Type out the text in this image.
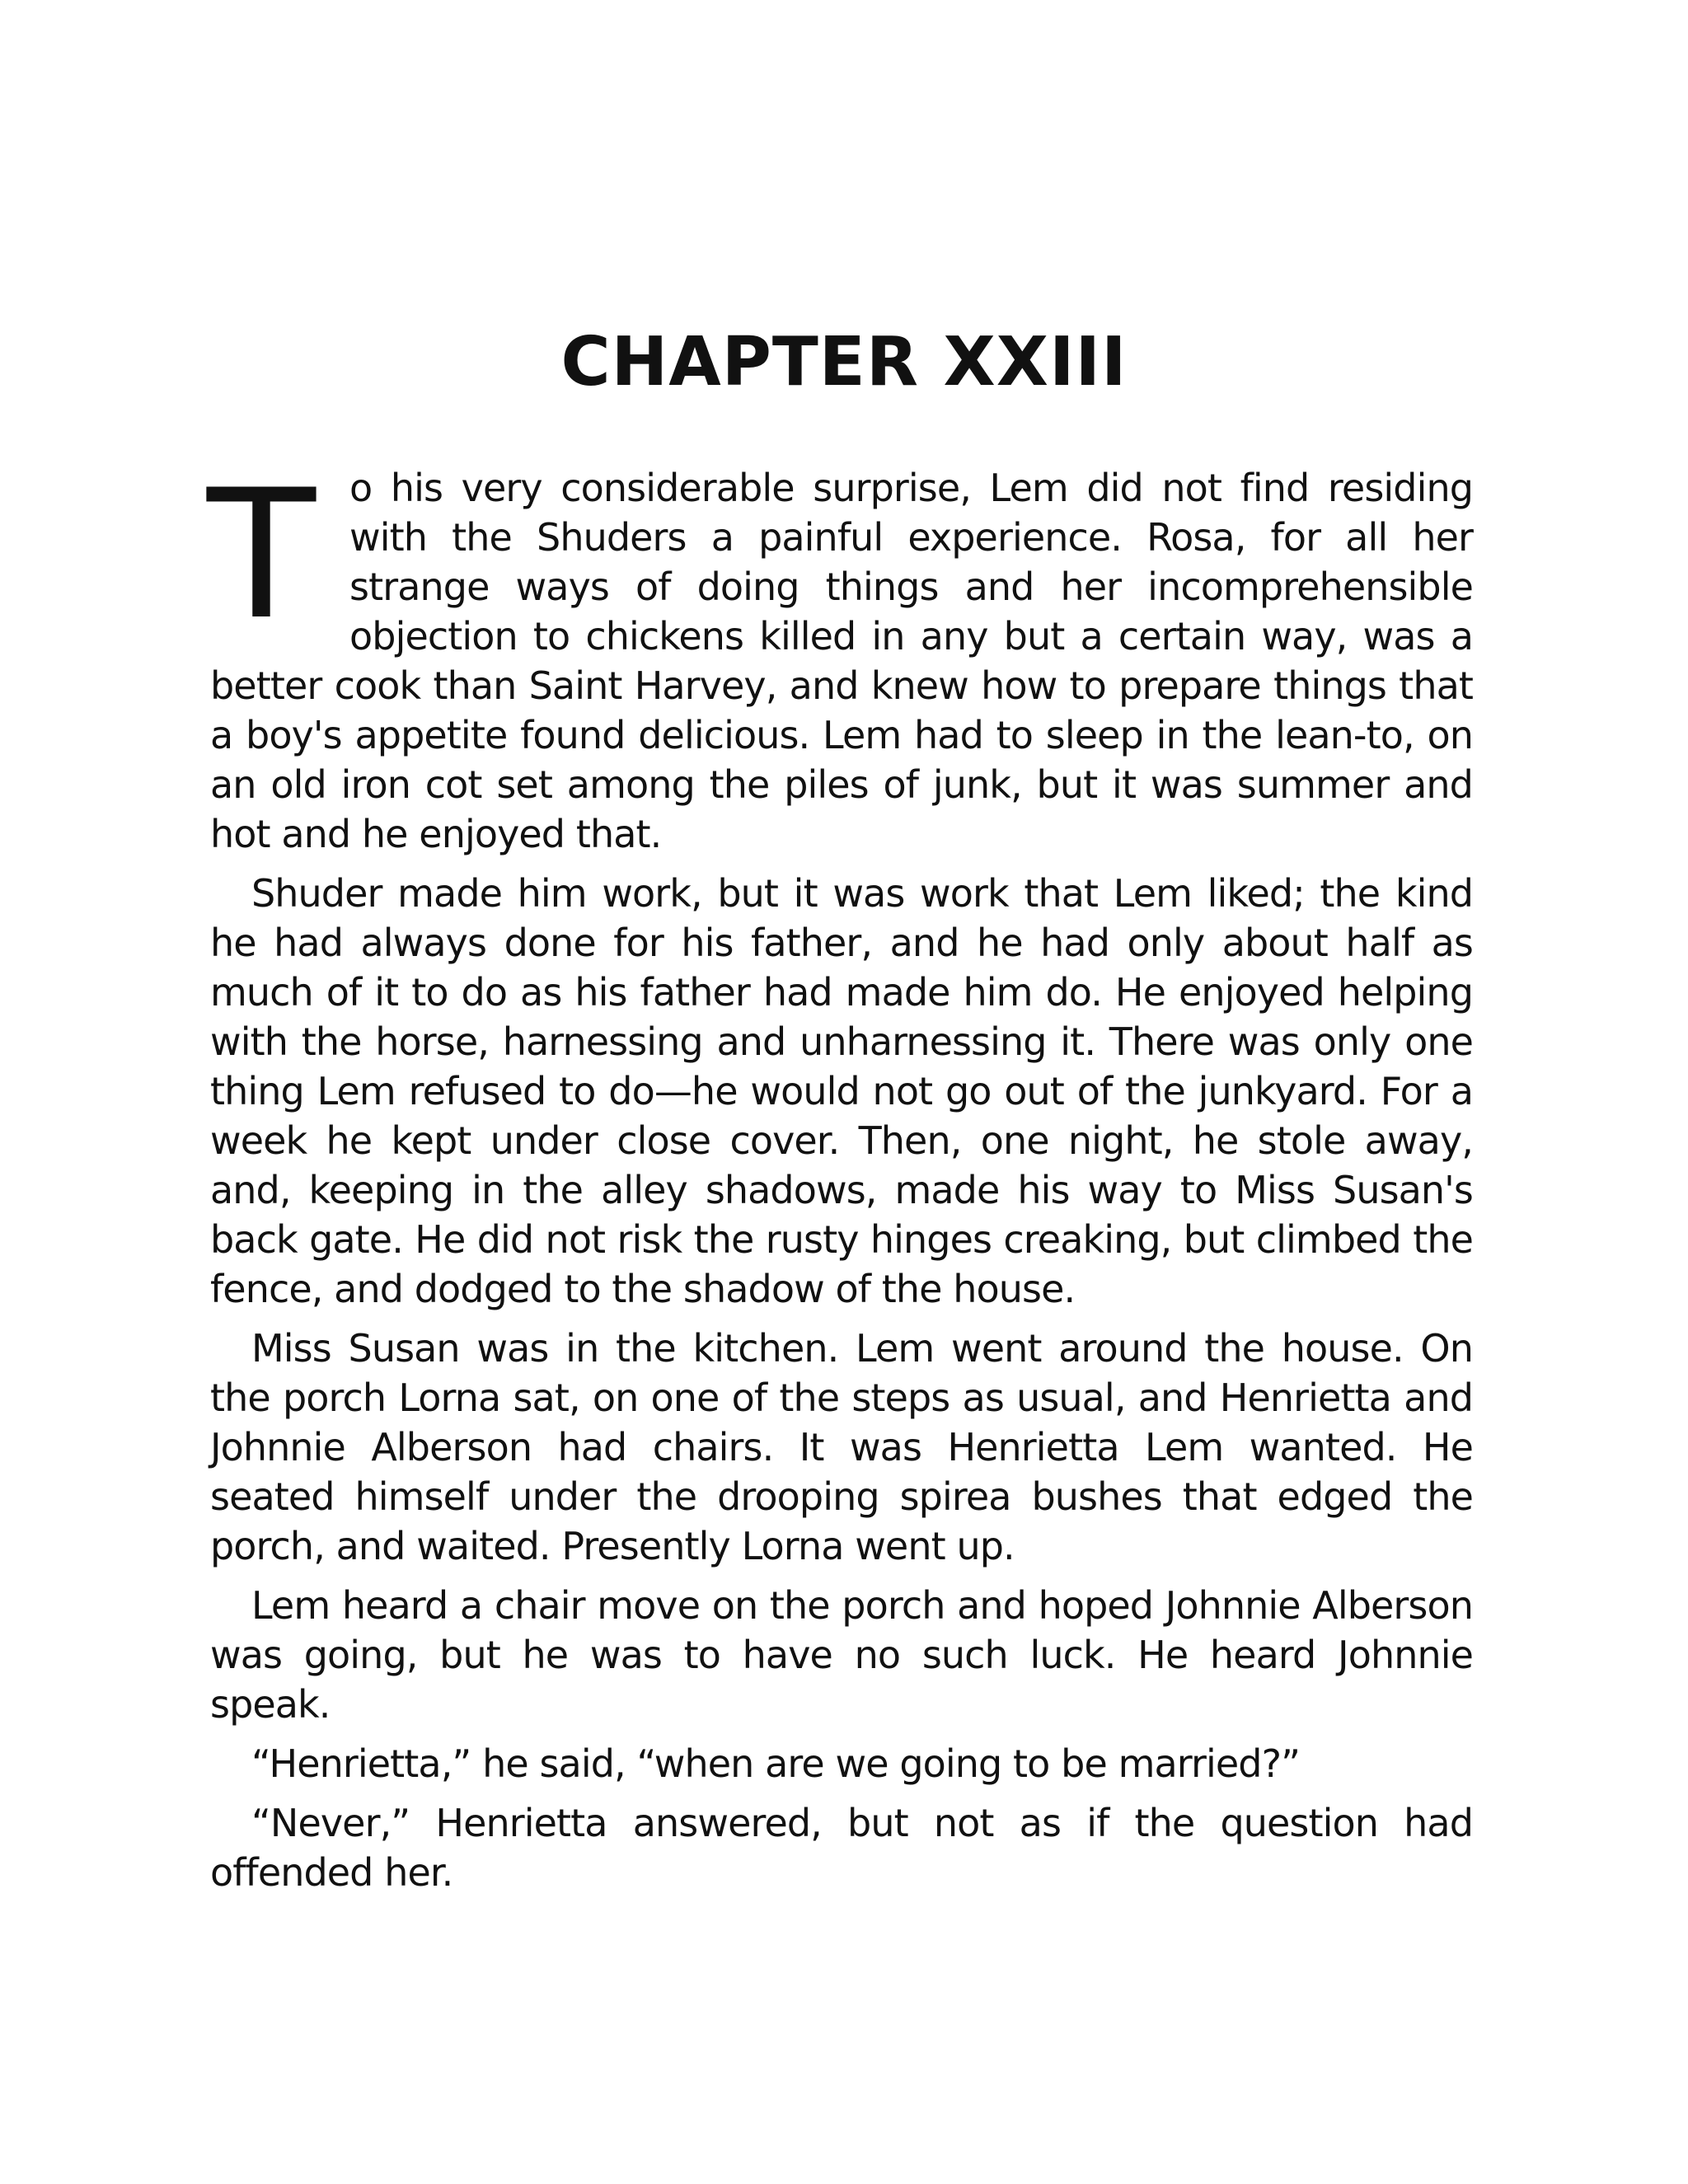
CHAPTER XXIII

To his very considerable surprise, Lem did not find residing with the Shuders a painful experience. Rosa, for all her strange ways of doing things and her incomprehensible objection to chickens killed in any but a certain way, was a better cook than Saint Harvey, and knew how to prepare things that a boy's appetite found delicious. Lem had to sleep in the lean-to, on an old iron cot set among the piles of junk, but it was summer and hot and he enjoyed that.

Shuder made him work, but it was work that Lem liked; the kind he had always done for his father, and he had only about half as much of it to do as his father had made him do. He enjoyed helping with the horse, harnessing and unharnessing it. There was only one thing Lem refused to do—he would not go out of the junkyard. For a week he kept under close cover. Then, one night, he stole away, and, keeping in the alley shadows, made his way to Miss Susan's back gate. He did not risk the rusty hinges creaking, but climbed the fence, and dodged to the shadow of the house.

Miss Susan was in the kitchen. Lem went around the house. On the porch Lorna sat, on one of the steps as usual, and Henrietta and Johnnie Alberson had chairs. It was Henrietta Lem wanted. He seated himself under the drooping spirea bushes that edged the porch, and waited. Presently Lorna went up.

Lem heard a chair move on the porch and hoped Johnnie Alberson was going, but he was to have no such luck. He heard Johnnie speak.

“Henrietta,” he said, “when are we going to be married?”

“Never,” Henrietta answered, but not as if the question had offended her.
